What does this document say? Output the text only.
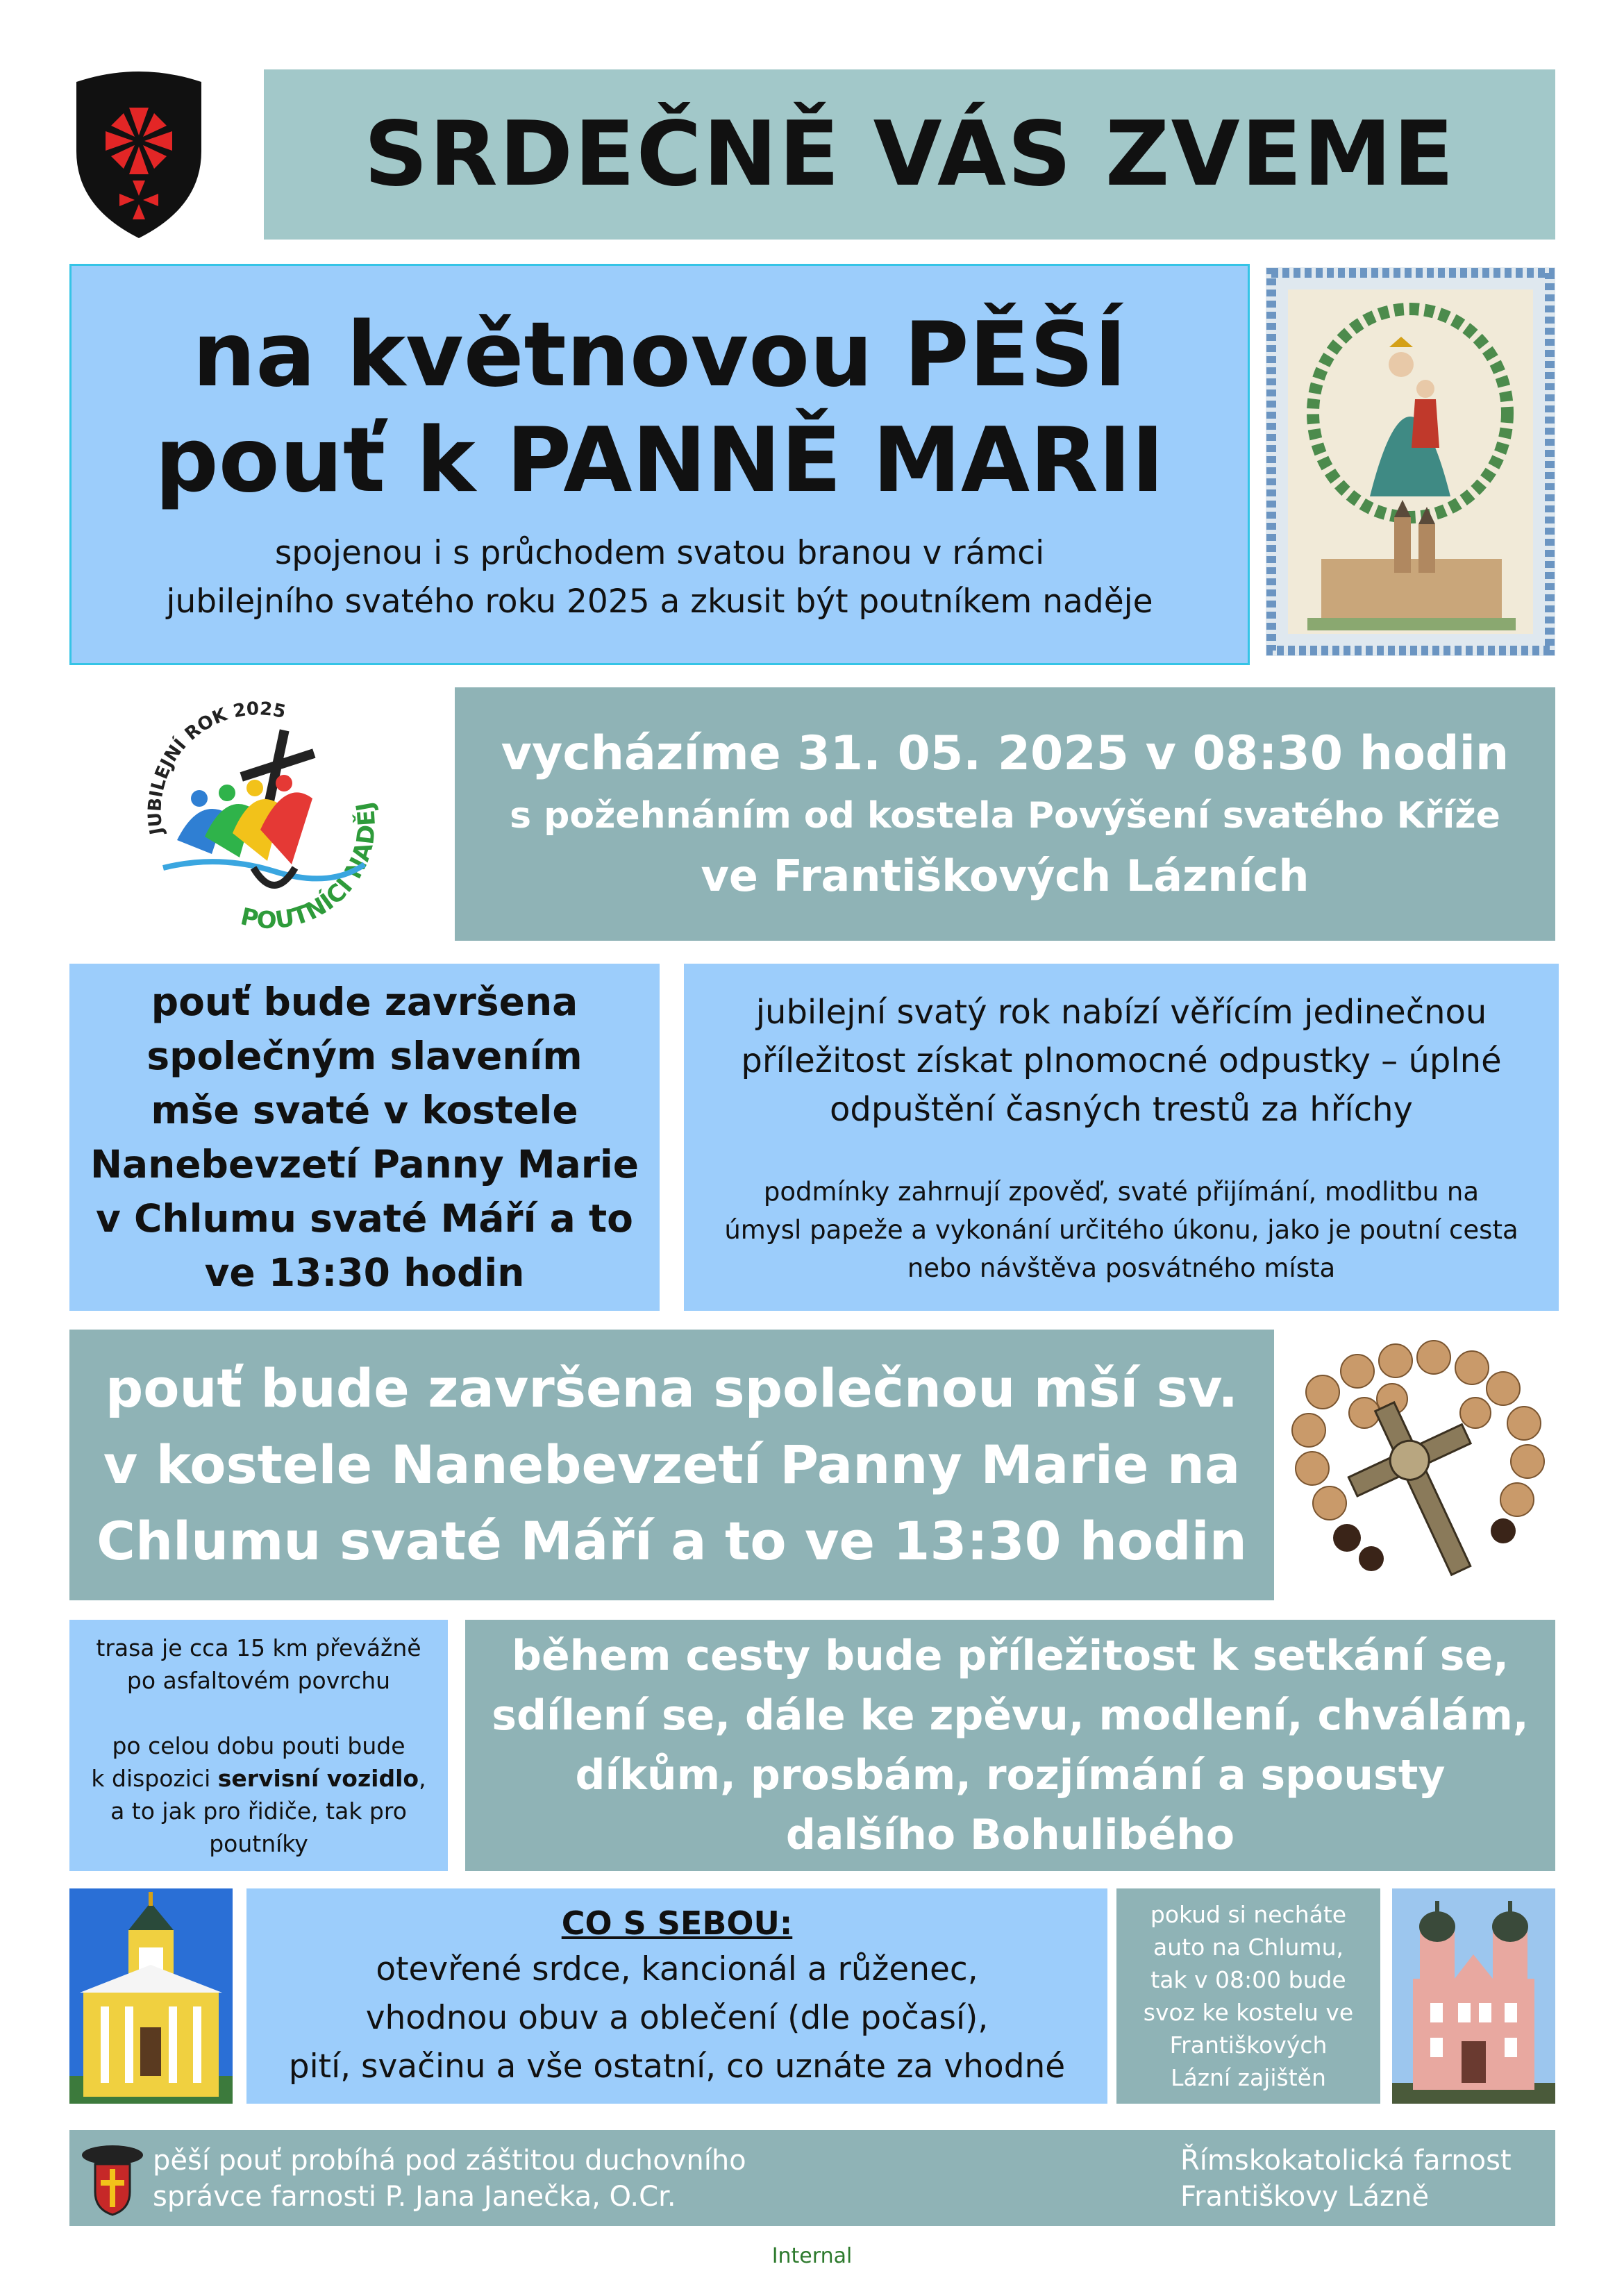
SRDEČNĚ VÁS ZVEME

na květnovou PĚŠÍ

pouť k PANNĚ MARII

spojenou i s průchodem svatou branou v rámci
jubilejního svatého roku 2025 a zkusit být poutníkem naděje

JUBILEJNÍ ROK 2025
POUTNÍCI NADĚJ

vycházíme 31. 05. 2025 v 08:30 hodin

s požehnáním od kostela Povýšení svatého Kříže

ve Františkových Lázních

pouť bude završena

společným slavením

mše svaté v kostele

Nanebevzetí Panny Marie

v Chlumu svaté Máří a to

ve 13:30 hodin

jubilejní svatý rok nabízí věřícím jedinečnou

příležitost získat plnomocné odpustky – úplné

odpuštění časných trestů za hříchy

podmínky zahrnují zpověď, svaté přijímání, modlitbu na

úmysl papeže a vykonání určitého úkonu, jako je poutní cesta

nebo návštěva posvátného místa

pouť bude završena společnou mší sv.

v kostele Nanebevzetí Panny Marie na

Chlumu svaté Máří a to ve 13:30 hodin

trasa je cca 15 km převážně

po asfaltovém povrchu

po celou dobu pouti bude

k dispozici servisní vozidlo,

a to jak pro řidiče, tak pro

poutníky

během cesty bude příležitost k setkání se,

sdílení se, dále ke zpěvu, modlení, chválám,

díkům, prosbám, rozjímání a spousty

dalšího Bohulibého

CO S SEBOU:

otevřené srdce, kancionál a růženec,

vhodnou obuv a oblečení (dle počasí),

pití, svačinu a vše ostatní, co uznáte za vhodné

pokud si necháte

auto na Chlumu,

tak v 08:00 bude

svoz ke kostelu ve

Františkových

Lázní zajištěn

pěší pouť probíhá pod záštitou duchovního

správce farnosti P. Jana Janečka, O.Cr.

Římskokatolická farnost

Františkovy Lázně

Internal
